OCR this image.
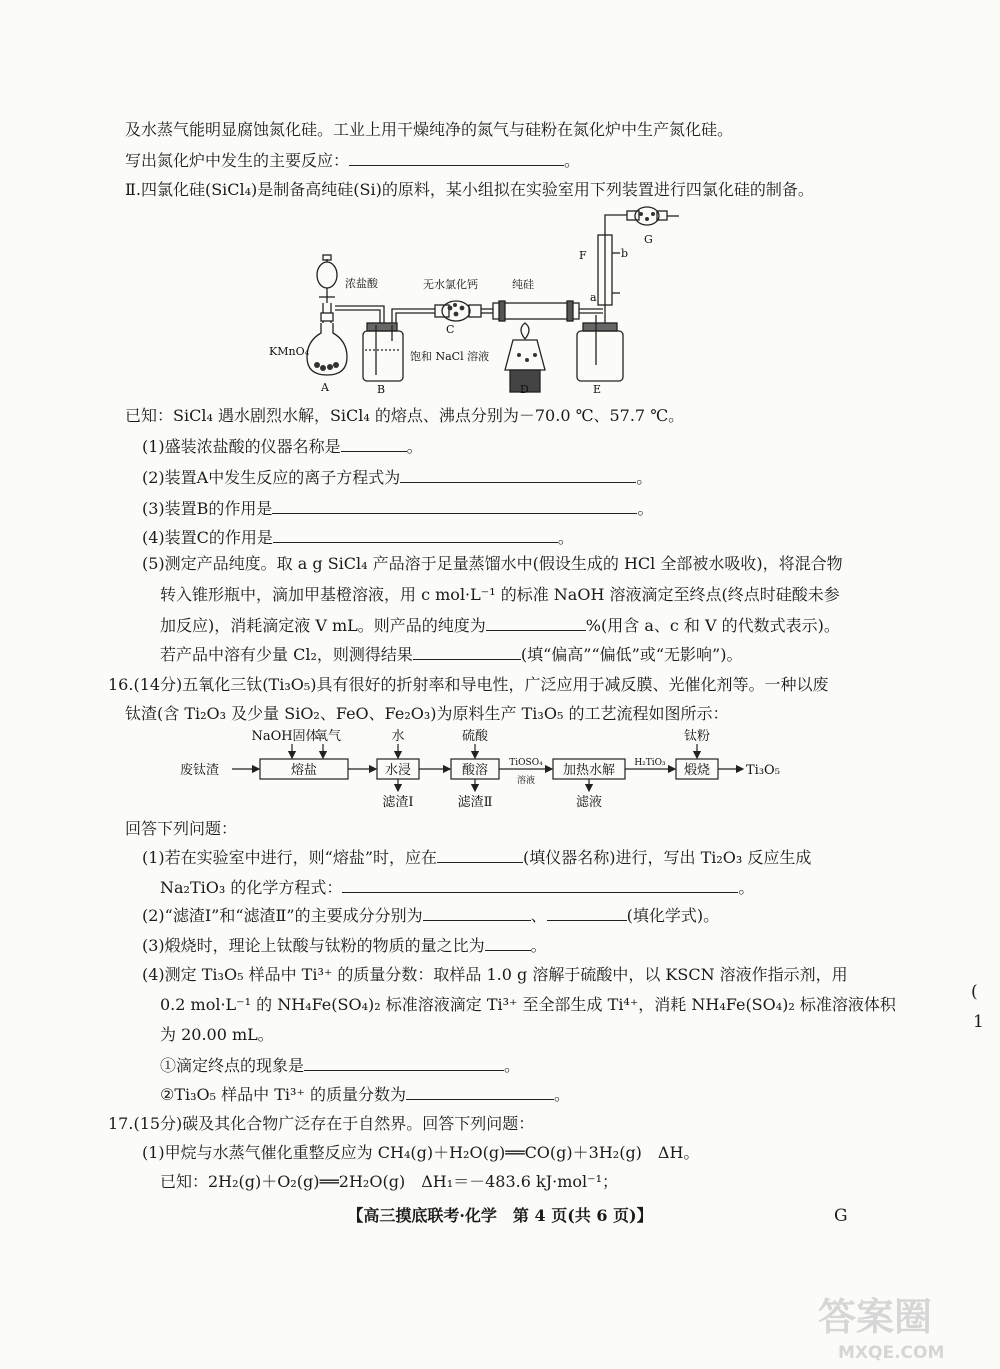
及水蒸气能明显腐蚀氮化硅。工业上用干燥纯净的氮气与硅粉在氮化炉中生产氮化硅。
写出氮化炉中发生的主要反应：	。
Ⅱ.四氯化硅(SiCl₄)是制备高纯硅(Si)的原料，某小组拟在实验室用下列装置进行四氯化硅的制备。
浓盐酸	无水氯化钙	纯硅
KMnO₄	饱和 NaCl 溶液
A	B
C
D	E
F
G
a
b
已知：SiCl₄ 遇水剧烈水解，SiCl₄ 的熔点、沸点分别为－70.0 ℃、57.7 ℃。
(1)盛装浓盐酸的仪器名称是	。
(2)装置A中发生反应的离子方程式为	。
(3)装置B的作用是	。
(4)装置C的作用是	。
(5)测定产品纯度。取 a g SiCl₄ 产品溶于足量蒸馏水中(假设生成的 HCl 全部被水吸收)，将混合物
转入锥形瓶中，滴加甲基橙溶液，用 c mol·L⁻¹ 的标准 NaOH 溶液滴定至终点(终点时硅酸未参
加反应)，消耗滴定液 V mL。则产品的纯度为	%(用含 a、c 和 V 的代数式表示)。
若产品中溶有少量 Cl₂，则测得结果	(填“偏高”“偏低”或“无影响”)。
16.(14分)五氧化三钛(Ti₃O₅)具有很好的折射率和导电性，广泛应用于减反膜、光催化剂等。一种以废
钛渣(含 Ti₂O₃ 及少量 SiO₂、FeO、Fe₂O₃)为原料生产 Ti₃O₅ 的工艺流程如图所示：
废钛渣	熔盐	水浸	酸溶	加热水解	煅烧	Ti₃O₅
NaOH固体
氧气	水	硫酸	钛粉
滤渣Ⅰ	滤渣Ⅱ	滤液
TiOSO₄
溶液
H₂TiO₃
回答下列问题：
(1)若在实验室中进行，则“熔盐”时，应在	(填仪器名称)进行，写出 Ti₂O₃ 反应生成
Na₂TiO₃ 的化学方程式：	。
(2)“滤渣Ⅰ”和“滤渣Ⅱ”的主要成分分别为	、	(填化学式)。
(3)煅烧时，理论上钛酸与钛粉的物质的量之比为	。
(4)测定 Ti₃O₅ 样品中 Ti³⁺ 的质量分数：取样品 1.0 g 溶解于硫酸中，以 KSCN 溶液作指示剂，用
0.2 mol·L⁻¹ 的 NH₄Fe(SO₄)₂ 标准溶液滴定 Ti³⁺ 至全部生成 Ti⁴⁺，消耗 NH₄Fe(SO₄)₂ 标准溶液体积
为 20.00 mL。
①滴定终点的现象是	。
②Ti₃O₅ 样品中 Ti³⁺ 的质量分数为	。
17.(15分)碳及其化合物广泛存在于自然界。回答下列问题：
(1)甲烷与水蒸气催化重整反应为 CH₄(g)＋H₂O(g)══CO(g)＋3H₂(g)　ΔH。
已知：2H₂(g)＋O₂(g)══2H₂O(g)　ΔH₁＝－483.6 kJ·mol⁻¹；
【高三摸底联考·化学　第 4 页(共 6 页)】
(
1
G
答案圈
MXQE.COM
